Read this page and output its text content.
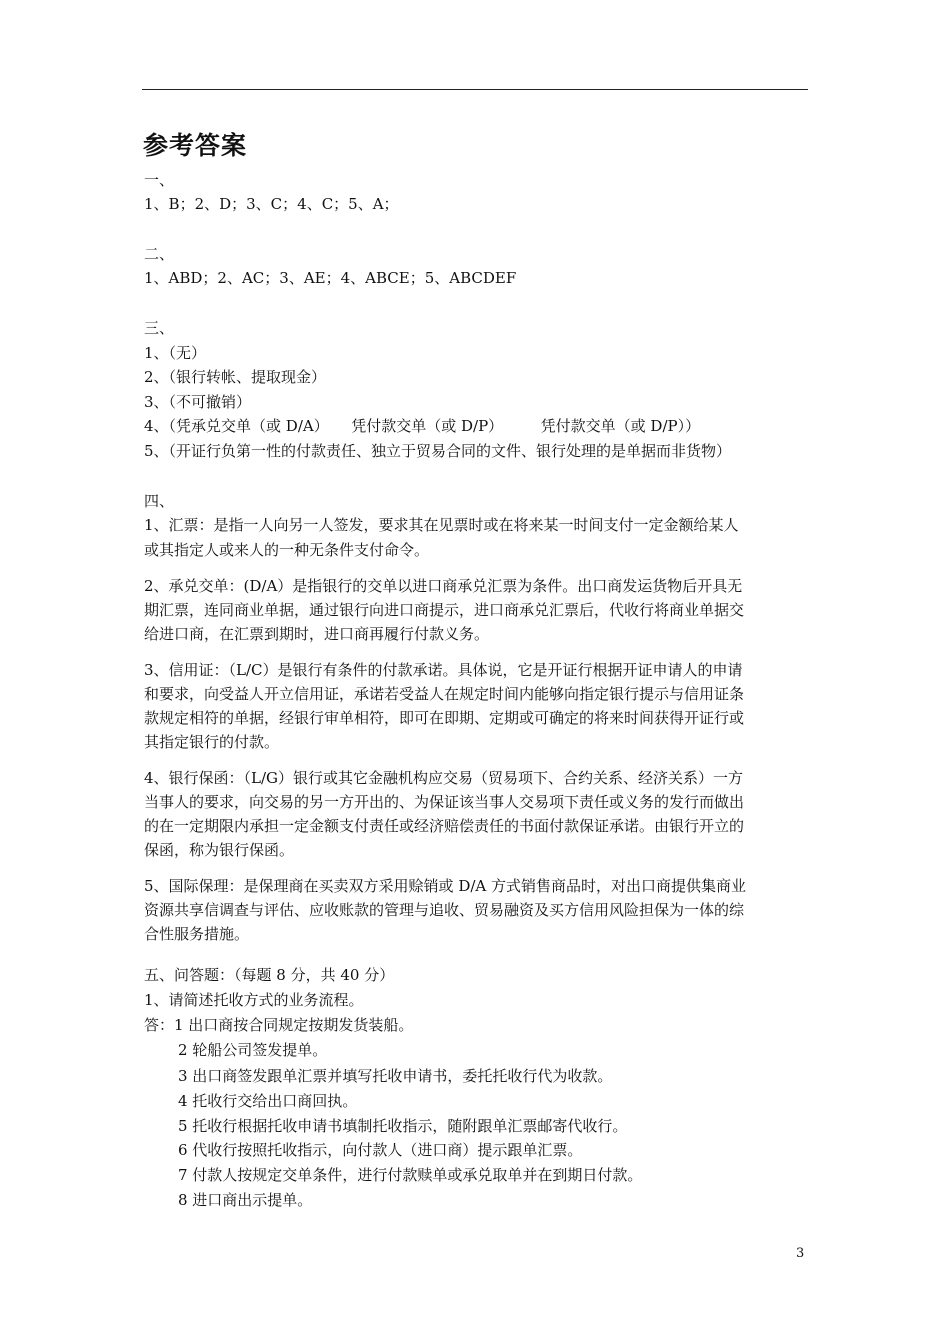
参考答案
一、
1、B；2、D；3、C；4、C；5、A；
二、
1、ABD；2、AC；3、AE；4、ABCE；5、ABCDEF
三、
1、（无）
2、（银行转帐、提取现金）
3、（不可撤销）
4、（凭承兑交单（或 D/A）　　凭付款交单（或 D/P）　　　凭付款交单（或 D/P））
5、（开证行负第一性的付款责任、独立于贸易合同的文件、银行处理的是单据而非货物）
四、
1、汇票：是指一人向另一人签发，要求其在见票时或在将来某一时间支付一定金额给某人
或其指定人或来人的一种无条件支付命令。
2、承兑交单：(D/A）是指银行的交单以进口商承兑汇票为条件。出口商发运货物后开具无
期汇票，连同商业单据，通过银行向进口商提示，进口商承兑汇票后，代收行将商业单据交
给进口商，在汇票到期时，进口商再履行付款义务。
3、信用证：（L/C）是银行有条件的付款承诺。具体说，它是开证行根据开证申请人的申请
和要求，向受益人开立信用证，承诺若受益人在规定时间内能够向指定银行提示与信用证条
款规定相符的单据，经银行审单相符，即可在即期、定期或可确定的将来时间获得开证行或
其指定银行的付款。
4、银行保函：（L/G）银行或其它金融机构应交易（贸易项下、合约关系、经济关系）一方
当事人的要求，向交易的另一方开出的、为保证该当事人交易项下责任或义务的发行而做出
的在一定期限内承担一定金额支付责任或经济赔偿责任的书面付款保证承诺。由银行开立的
保函，称为银行保函。
5、国际保理：是保理商在买卖双方采用赊销或 D/A 方式销售商品时，对出口商提供集商业
资源共享信调查与评估、应收账款的管理与追收、贸易融资及买方信用风险担保为一体的综
合性服务措施。
五、问答题：（每题 8 分，共 40 分）
1、请简述托收方式的业务流程。
答：1 出口商按合同规定按期发货装船。
2 轮船公司签发提单。
3 出口商签发跟单汇票并填写托收申请书，委托托收行代为收款。
4 托收行交给出口商回执。
5 托收行根据托收申请书填制托收指示，随附跟单汇票邮寄代收行。
6 代收行按照托收指示，向付款人（进口商）提示跟单汇票。
7 付款人按规定交单条件，进行付款赎单或承兑取单并在到期日付款。
8 进口商出示提单。
3
